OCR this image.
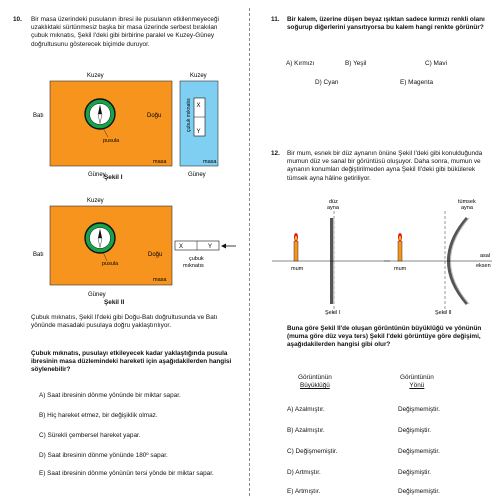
10. Bir masa üzerindeki pusulanın ibresi ile pusulanın etkilenmeyeceği uzaklıktaki sürtünmesiz başka bir masa üzerinde serbest bırakılan çubuk mıknatıs, Şekil I'deki gibi birbirine paralel ve Kuzey-Güney doğrultusunu gösterecek biçimde duruyor.
Kuzey
pusula
Batı	Doğu
masa
Güney
Kuzey
X
Y
çubuk mıknatıs
masa
Güney
Şekil I
Kuzey
pusula
Batı	Doğu
masa
Güney
X	Y
çubuk
mıknatıs
Şekil II
Çubuk mıknatıs, Şekil II'deki gibi Doğu-Batı doğrultusunda ve Batı yönünde masadaki pusulaya doğru yaklaştırılıyor.
Çubuk mıknatıs, pusulayı etkileyecek kadar yaklaştığında pusula ibresinin masa düzlemindeki hareketi için aşağıdakilerden hangisi söylenebilir?
A) Saat ibresinin dönme yönünde bir miktar sapar.
B) Hiç hareket etmez, bir değişiklik olmaz.
C) Sürekli çembersel hareket yapar.
D) Saat ibresinin dönme yönünde 180º sapar.
E) Saat ibresinin dönme yönünün tersi yönde bir miktar sapar.
11. Bir kalem, üzerine düşen beyaz ışıktan sadece kırmızı renkli olanı soğurup diğerlerini yansıtıyorsa bu kalem hangi renkte görünür?
A) Kırmızı	B) Yeşil	C) Mavi
D) Cyan	E) Magenta
12. Bir mum, esnek bir düz aynanın önüne Şekil I'deki gibi konulduğunda mumun düz ve sanal bir görüntüsü oluşuyor. Daha sonra, mumun ve aynanın konumları değiştirilmeden ayna Şekil II'deki gibi bükülerek tümsek ayna hâline getiriliyor.
düz
ayna
mum
Şekil I
tümsek
ayna
mum
asal
eksen
Şekil II
Buna göre Şekil II'de oluşan görüntünün büyüklüğü ve yönünün (muma göre düz veya ters) Şekil I'deki görüntüye göre değişimi, aşağıdakilerden hangisi gibi olur?
Görüntünün
Büyüklüğü
Görüntünün
Yönü
A) Azalmıştır.	Değişmemiştir.
B) Azalmıştır.	Değişmiştir.
C) Değişmemiştir.	Değişmemiştir.
D) Artmıştır.	Değişmiştir.
E) Artmıştır.	Değişmemiştir.
